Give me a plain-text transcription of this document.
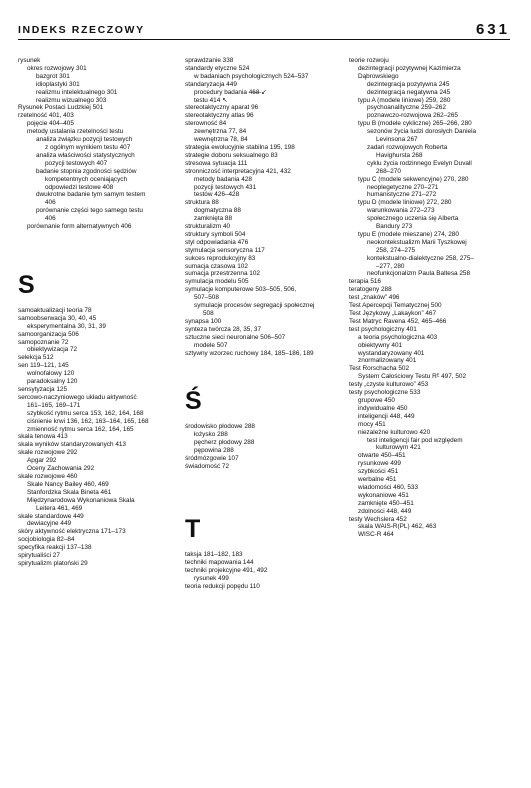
INDEKS RZECZOWY	631
rysunek
okres rozwojowy 301
bazgrot 301
idioplastyki 301
realizmu intelektualnego 301
realizmu wizualnego 303
Rysunek Postaci Ludzkiej 501
rzetelność 401, 403
pojęcie 404–405
metody ustalania rzetelności testu
analiza związku pozycji testowych
z ogólnym wynikiem testu 407
analiza właściwości statystycznych
pozycji testowych 407
badanie stopnia zgodności sędziów
kompetentnych oceniających
odpowiedzi testowe 408
dwukrotne badanie tym samym testem
406
porównanie części tego samego testu
406
porównanie form alternatywnych 406
S
samoaktualizacji teoria 78
samoobserwacja 30, 40, 45
eksperymentalna 30, 31, 39
samoorganizacja 506
samopoznanie 72
obiektywizacja 72
selekcja 512
sen 119–121, 145
wolnofalowy 120
paradoksalny 120
sensytyzacja 125
sercowo-naczyniowego układu aktywność
161–165, 169–171
szybkość rytmu serca 153, 162, 164, 168
ciśnienie krwi 136, 162, 163–164, 165, 168
zmienność rytmu serca 162, 164, 165
skala tenowa 413
skala wyników standaryzowanych 413
skale rozwojowe 292
Apgar 292
Oceny Zachowania 292
skale rozwojowe 460
Skale Nancy Bailey 460, 469
Stanfordzka Skala Bineta 461
Międzynarodowa Wykonaniowa Skala
Leitera 461, 469
skale standardowe 449
dewiacyjne 449
skóry aktywność elektryczna 171–173
socjobiologia 82–84
specyfika reakcji 137–138
spirytualiści 27
spirytualizm platoński 29
sprawdzanie 338
standardy etyczne 524
w badaniach psychologicznych 524–537
standaryzacja 449
procedury badania 4̶6̶8̶ ↙
testu 414 ↖
stereotaktyczny aparat 96
stereotaktyczny atlas 96
sterowność 84
zewnętrzna 77, 84
wewnętrzna 78, 84
strategia ewolucyjnie stabilna 195, 198
strategie doboru seksualnego 83
stresowa sytuacja 111
stronniczość interpretacyjna 421, 432
metody badania 428
pozycji testowych 431
testów 426–428
struktura 88
dogmatyczna 88
zamknięta 88
strukturalizm 40
struktury symboli 504
styl odpowiadania 476
stymulacja sensoryczna 117
sukces reprodukcyjny 83
sumacja czasowa 102
sumacja przestrzenna 102
symulacja modelu 505
symulacje komputerowe 503–505, 506,
507–508
symulacje procesów segregacji społecznej
508
synapsa 100
synteza twórcza 28, 35, 37
sztuczne sieci neuronalne 506–507
modele 507
sztywny wzorzec ruchowy 184, 185–186, 189
Ś
środowisko płodowe 288
łożysko 288
pęcherz płodowy 288
pępowina 288
śródmózgowie 107
świadomość 72
T
taksja 181–182, 183
techniki mapowania 144
techniki projekcyjne 491, 492
rysunek 499
teoria redukcji popędu 110
teorie rozwoju
dezintegracji pozytywnej Kazimierza
Dąbrowskiego
dezintegracja pozytywna 245
dezintegracja negatywna 245
typu A (modele liniowe) 259, 280
psychoanalityczne 259–262
poznawczo-rozwojowa 262–265
typu B (modele cykliczne) 265–266, 280
sezonów życia ludzi dorosłych Daniela
Levinsona 267
zadań rozwojowych Roberta
Havighursta 268
cyklu życia rodzinnego Evelyn Duvall
268–270
typu C (modele sekwencyjne) 270, 280
neoplegetyczne 270–271
humanistyczne 271–272
typu D (modele liniowe) 272, 280
warunkowania 272–273
społecznego uczenia się Alberta
Bandury 273
typu E (modele mieszane) 274, 280
neokontekstualizm Marii Tyszkowej
258, 274–275
kontekstualno-dialektyczne 258, 275–
–277, 280
neofunkcjonalizm Paula Baltesa 258
terapia 516
teratogeny 288
test „znaków” 496
Test Apercepcji Tematycznej 500
Test Językowy „Lakaykon” 467
Test Matryc Ravena 452, 465–466
test psychologiczny 401
a teoria psychologiczna 403
obiektywny 401
wystandaryzowany 401
znormalizowany 401
Test Rorschacha 502
System Całościowy Testu Rᴱ 497, 502
testy „czyste kulturowo” 453
testy psychologiczne 533
grupowe 450
indywidualne 450
inteligencji 448, 449
mocy 451
niezależne kulturowo 420
test inteligencji fair pod względem
kulturowym 421
otwarte 450–451
rysunkowe 499
szybkości 451
werbalne 451
wiadomości 460, 533
wykonaniowe 451
zamknięte 450–451
zdolności 448, 449
testy Wechslera 452
skala WAIS-R(PL) 462, 463
WISC-R 464
